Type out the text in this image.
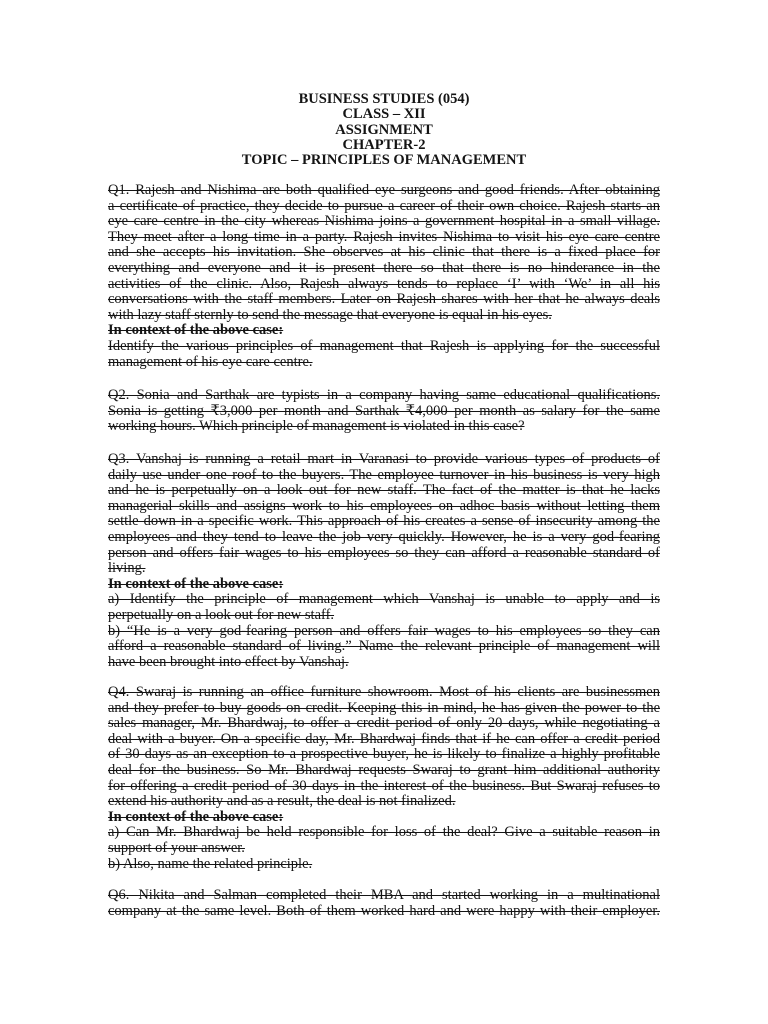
BUSINESS STUDIES (054)
CLASS – XII
ASSIGNMENT
CHAPTER-2
TOPIC – PRINCIPLES OF MANAGEMENT
Q1. Rajesh and Nishima are both qualified eye surgeons and good friends. After obtaining
a certificate of practice, they decide to pursue a career of their own choice. Rajesh starts an
eye care centre in the city whereas Nishima joins a government hospital in a small village.
They meet after a long time in a party. Rajesh invites Nishima to visit his eye care centre
and she accepts his invitation. She observes at his clinic that there is a fixed place for
everything and everyone and it is present there so that there is no hinderance in the
activities of the clinic. Also, Rajesh always tends to replace ‘I’ with ‘We’ in all his
conversations with the staff members. Later on Rajesh shares with her that he always deals
with lazy staff sternly to send the message that everyone is equal in his eyes.
In context of the above case:
Identify the various principles of management that Rajesh is applying for the successful
management of his eye care centre.
Q2. Sonia and Sarthak are typists in a company having same educational qualifications.
Sonia is getting ₹3,000 per month and Sarthak ₹4,000 per month as salary for the same
working hours. Which principle of management is violated in this case?
Q3. Vanshaj is running a retail mart in Varanasi to provide various types of products of
daily use under one roof to the buyers. The employee turnover in his business is very high
and he is perpetually on a look out for new staff. The fact of the matter is that he lacks
managerial skills and assigns work to his employees on adhoc basis without letting them
settle down in a specific work. This approach of his creates a sense of insecurity among the
employees and they tend to leave the job very quickly. However, he is a very god-fearing
person and offers fair wages to his employees so they can afford a reasonable standard of
living.
In context of the above case:
a) Identify the principle of management which Vanshaj is unable to apply and is
perpetually on a look out for new staff.
b) “He is a very god-fearing person and offers fair wages to his employees so they can
afford a reasonable standard of living.” Name the relevant principle of management will
have been brought into effect by Vanshaj.
Q4. Swaraj is running an office furniture showroom. Most of his clients are businessmen
and they prefer to buy goods on credit. Keeping this in mind, he has given the power to the
sales manager, Mr. Bhardwaj, to offer a credit period of only 20 days, while negotiating a
deal with a buyer. On a specific day, Mr. Bhardwaj finds that if he can offer a credit period
of 30 days as an exception to a prospective buyer, he is likely to finalize a highly profitable
deal for the business. So Mr. Bhardwaj requests Swaraj to grant him additional authority
for offering a credit period of 30 days in the interest of the business. But Swaraj refuses to
extend his authority and as a result, the deal is not finalized.
In context of the above case:
a) Can Mr. Bhardwaj be held responsible for loss of the deal? Give a suitable reason in
support of your answer.
b) Also, name the related principle.
Q6. Nikita and Salman completed their MBA and started working in a multinational
company at the same level. Both of them worked hard and were happy with their employer.
